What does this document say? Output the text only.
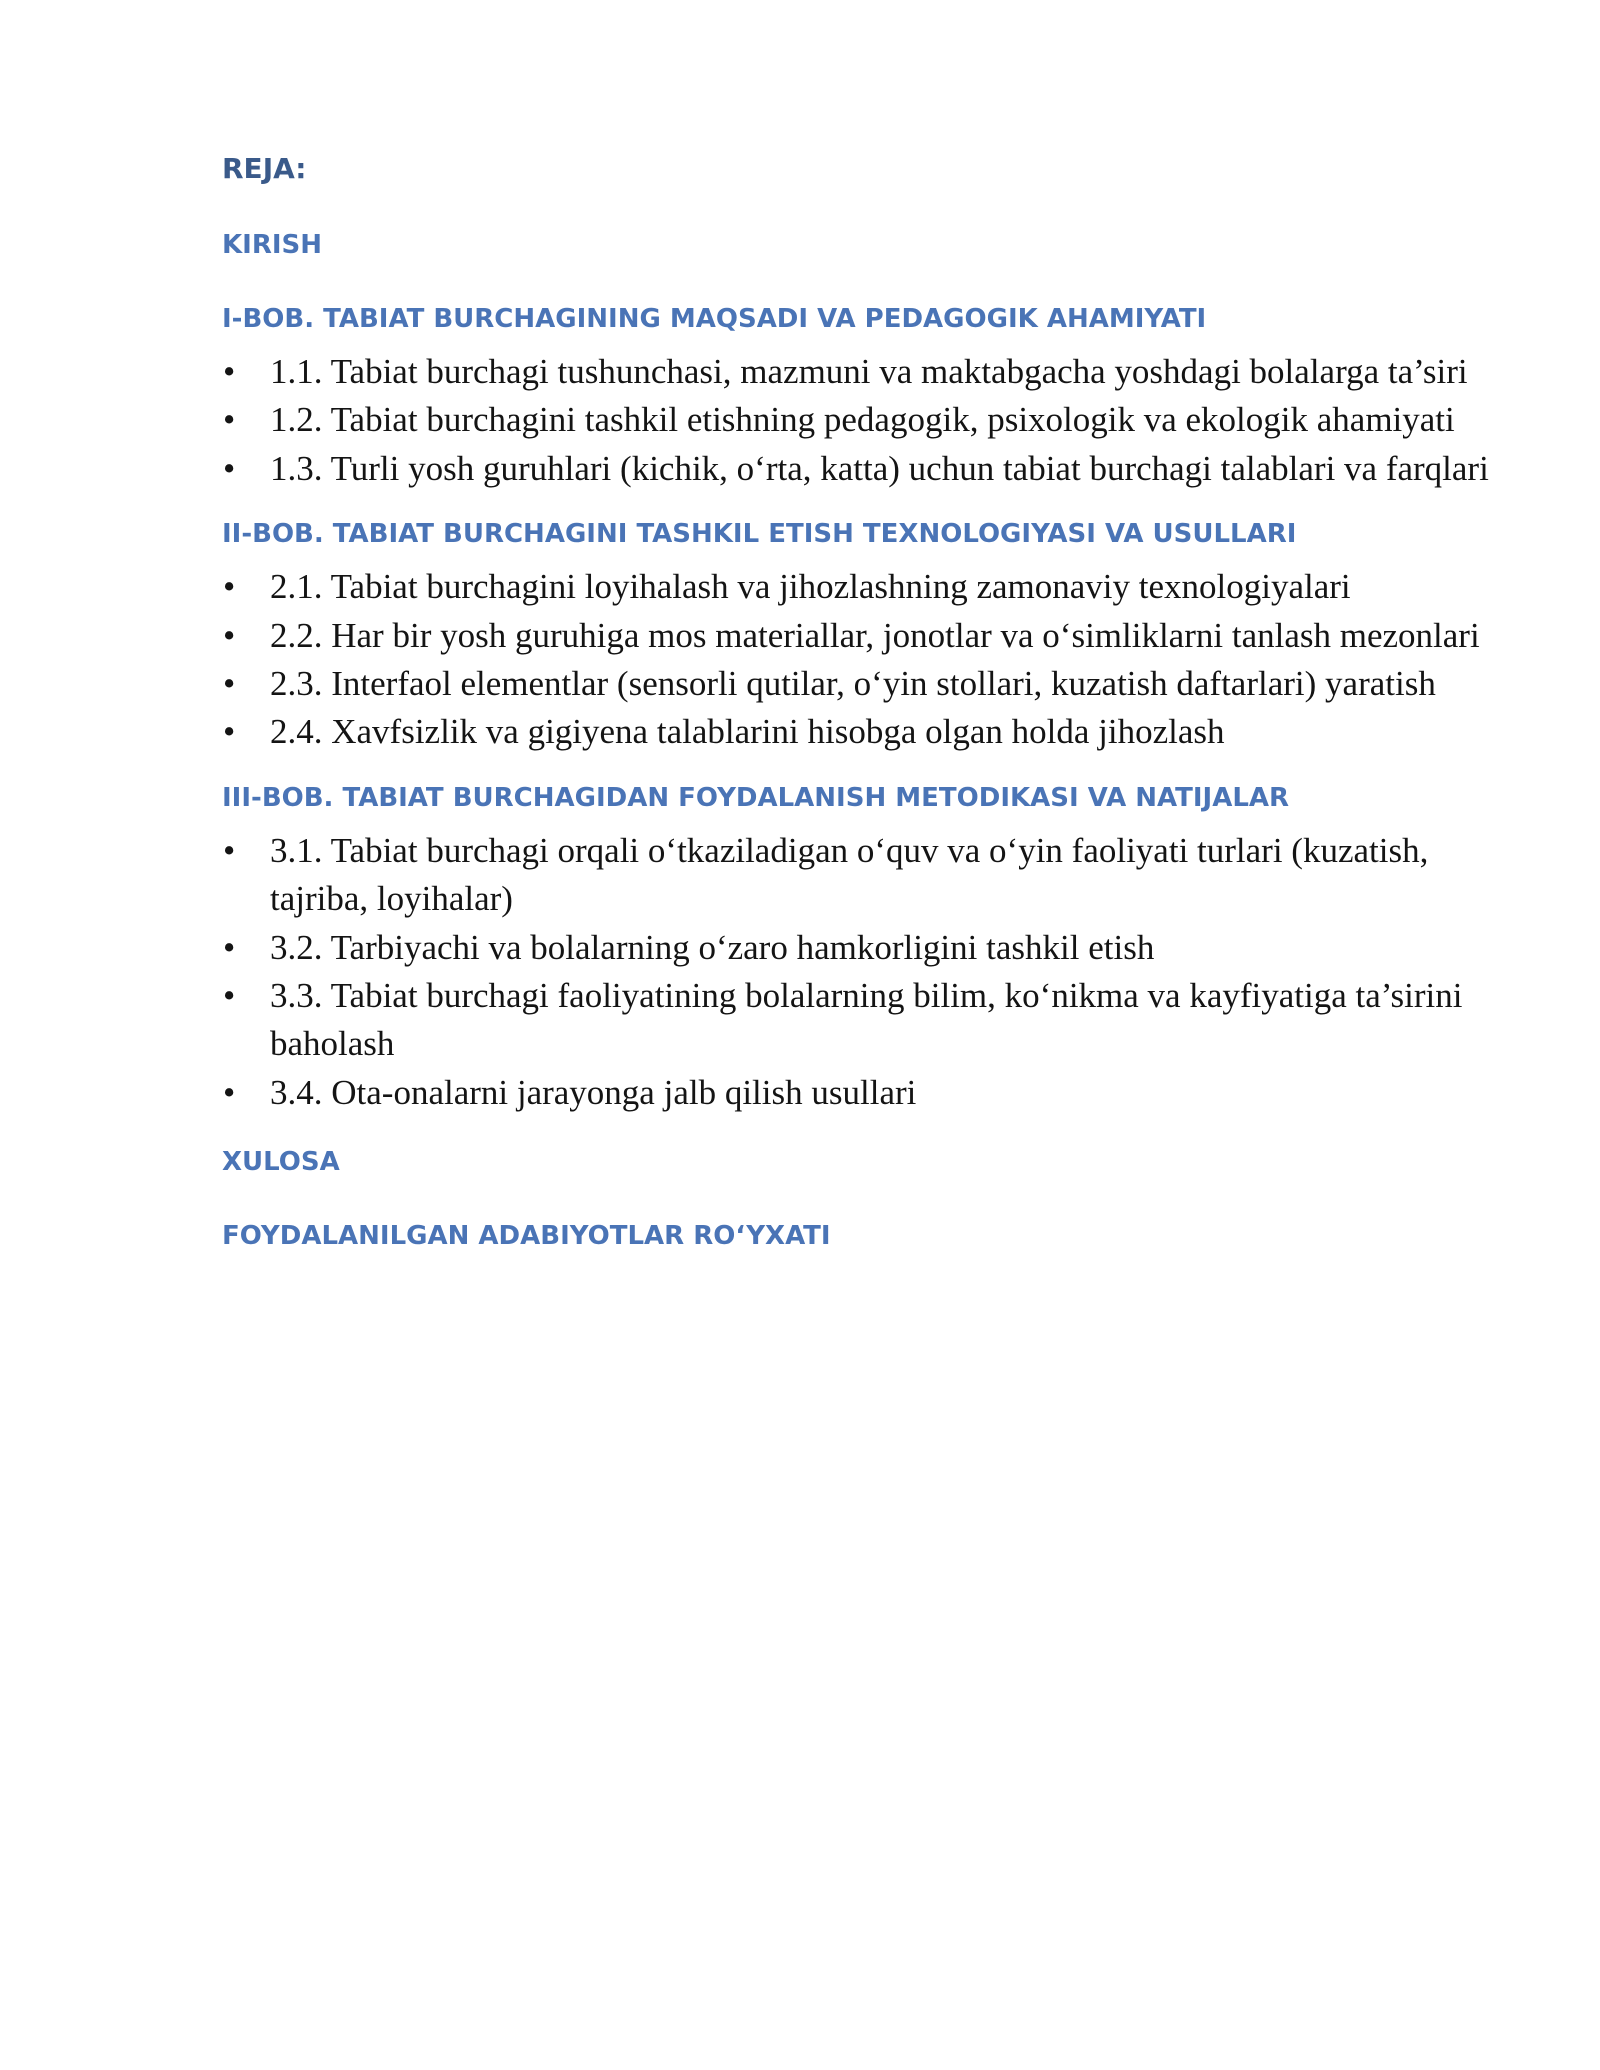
REJA:
KIRISH
I-BOB. TABIAT BURCHAGINING MAQSADI VA PEDAGOGIK AHAMIYATI
• 1.1. Tabiat burchagi tushunchasi, mazmuni va maktabgacha yoshdagi bolalarga ta’siri
• 1.2. Tabiat burchagini tashkil etishning pedagogik, psixologik va ekologik ahamiyati
• 1.3. Turli yosh guruhlari (kichik, o‘rta, katta) uchun tabiat burchagi talablari va farqlari
II-BOB. TABIAT BURCHAGINI TASHKIL ETISH TEXNOLOGIYASI VA USULLARI
• 2.1. Tabiat burchagini loyihalash va jihozlashning zamonaviy texnologiyalari
• 2.2. Har bir yosh guruhiga mos materiallar, jonotlar va o‘simliklarni tanlash mezonlari
• 2.3. Interfaol elementlar (sensorli qutilar, o‘yin stollari, kuzatish daftarlari) yaratish
• 2.4. Xavfsizlik va gigiyena talablarini hisobga olgan holda jihozlash
III-BOB. TABIAT BURCHAGIDAN FOYDALANISH METODIKASI VA NATIJALAR
• 3.1. Tabiat burchagi orqali o‘tkaziladigan o‘quv va o‘yin faoliyati turlari (kuzatish, tajriba, loyihalar)
• 3.2. Tarbiyachi va bolalarning o‘zaro hamkorligini tashkil etish
• 3.3. Tabiat burchagi faoliyatining bolalarning bilim, ko‘nikma va kayfiyatiga ta’sirini baholash
• 3.4. Ota-onalarni jarayonga jalb qilish usullari
XULOSA
FOYDALANILGAN ADABIYOTLAR RO‘YXATI
